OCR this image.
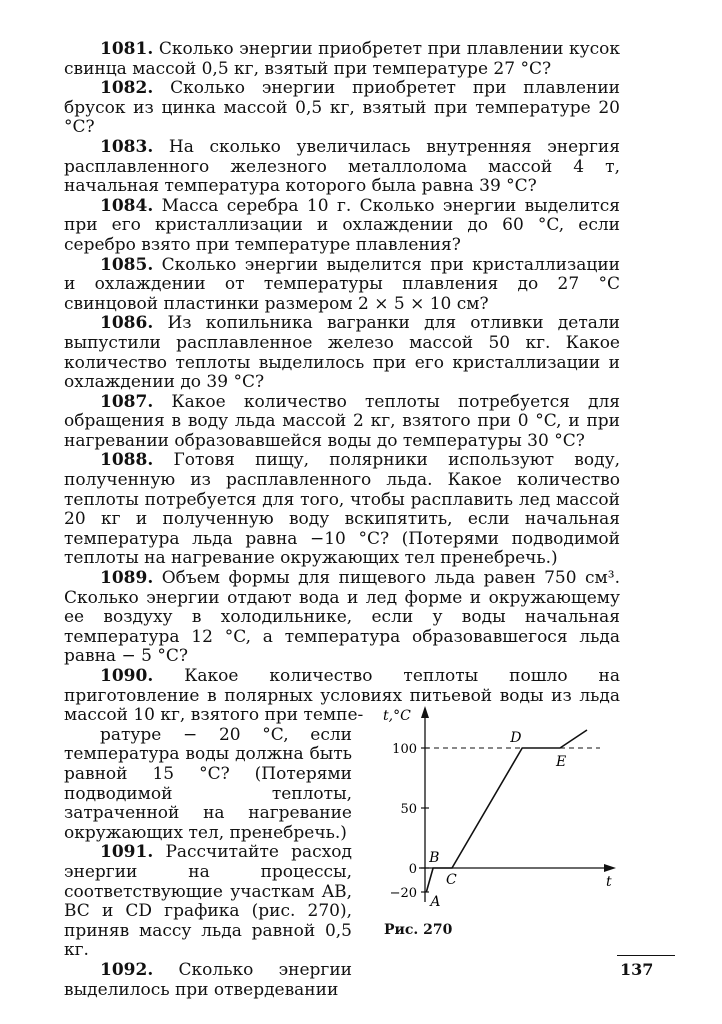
1081. Сколько энергии приобретет при плавлении кусок свинца массой 0,5 кг, взятый при температуре 27 °C?

1082. Сколько энергии приобретет при плавлении брусок из цинка массой 0,5 кг, взятый при температуре 20 °C?

1083. На сколько увеличилась внутренняя энергия расплавленного железного металлолома массой 4 т, начальная температура которого была равна 39 °C?

1084. Масса серебра 10 г. Сколько энергии выделится при его кристаллизации и охлаждении до 60 °C, если серебро взято при температуре плавления?

1085. Сколько энергии выделится при кристаллизации и охлаждении от температуры плавления до 27 °C свинцовой пластинки размером 2 × 5 × 10 см?

1086. Из копильника вагранки для отливки детали выпустили расплавленное железо массой 50 кг. Какое количество теплоты выделилось при его кристаллизации и охлаждении до 39 °C?

1087. Какое количество теплоты потребуется для обращения в воду льда массой 2 кг, взятого при 0 °C, и при нагревании образовавшейся воды до температуры 30 °C?

1088. Готовя пищу, полярники используют воду, полученную из расплавленного льда. Какое количество теплоты потребуется для того, чтобы расплавить лед массой 20 кг и полученную воду вскипятить, если начальная температура льда равна −10 °C? (Потерями подводимой теплоты на нагревание окружающих тел пренебречь.)

1089. Объем формы для пищевого льда равен 750 см³. Сколько энергии отдают вода и лед форме и окружающему ее воздуху в холодильнике, если у воды начальная температура 12 °C, а температура образовавшегося льда равна − 5 °C?

1090. Какое количество теплоты пошло на приготовление в полярных условиях питьевой воды из льда массой 10 кг, взятого при темпе-

ратуре − 20 °C, если температура воды должна быть равной 15 °C? (Потерями подводимой теплоты, затраченной на нагревание окружающих тел, пренебречь.)

1091. Рассчитайте расход энергии на процессы, соответствующие участкам AB, BC и CD графика (рис. 270), приняв массу льда равной 0,5 кг.

1092. Сколько энергии выделилось при отвердевании

t,°C
t
−20
0
50
100
A
B
C
D
E
Рис. 270
137
